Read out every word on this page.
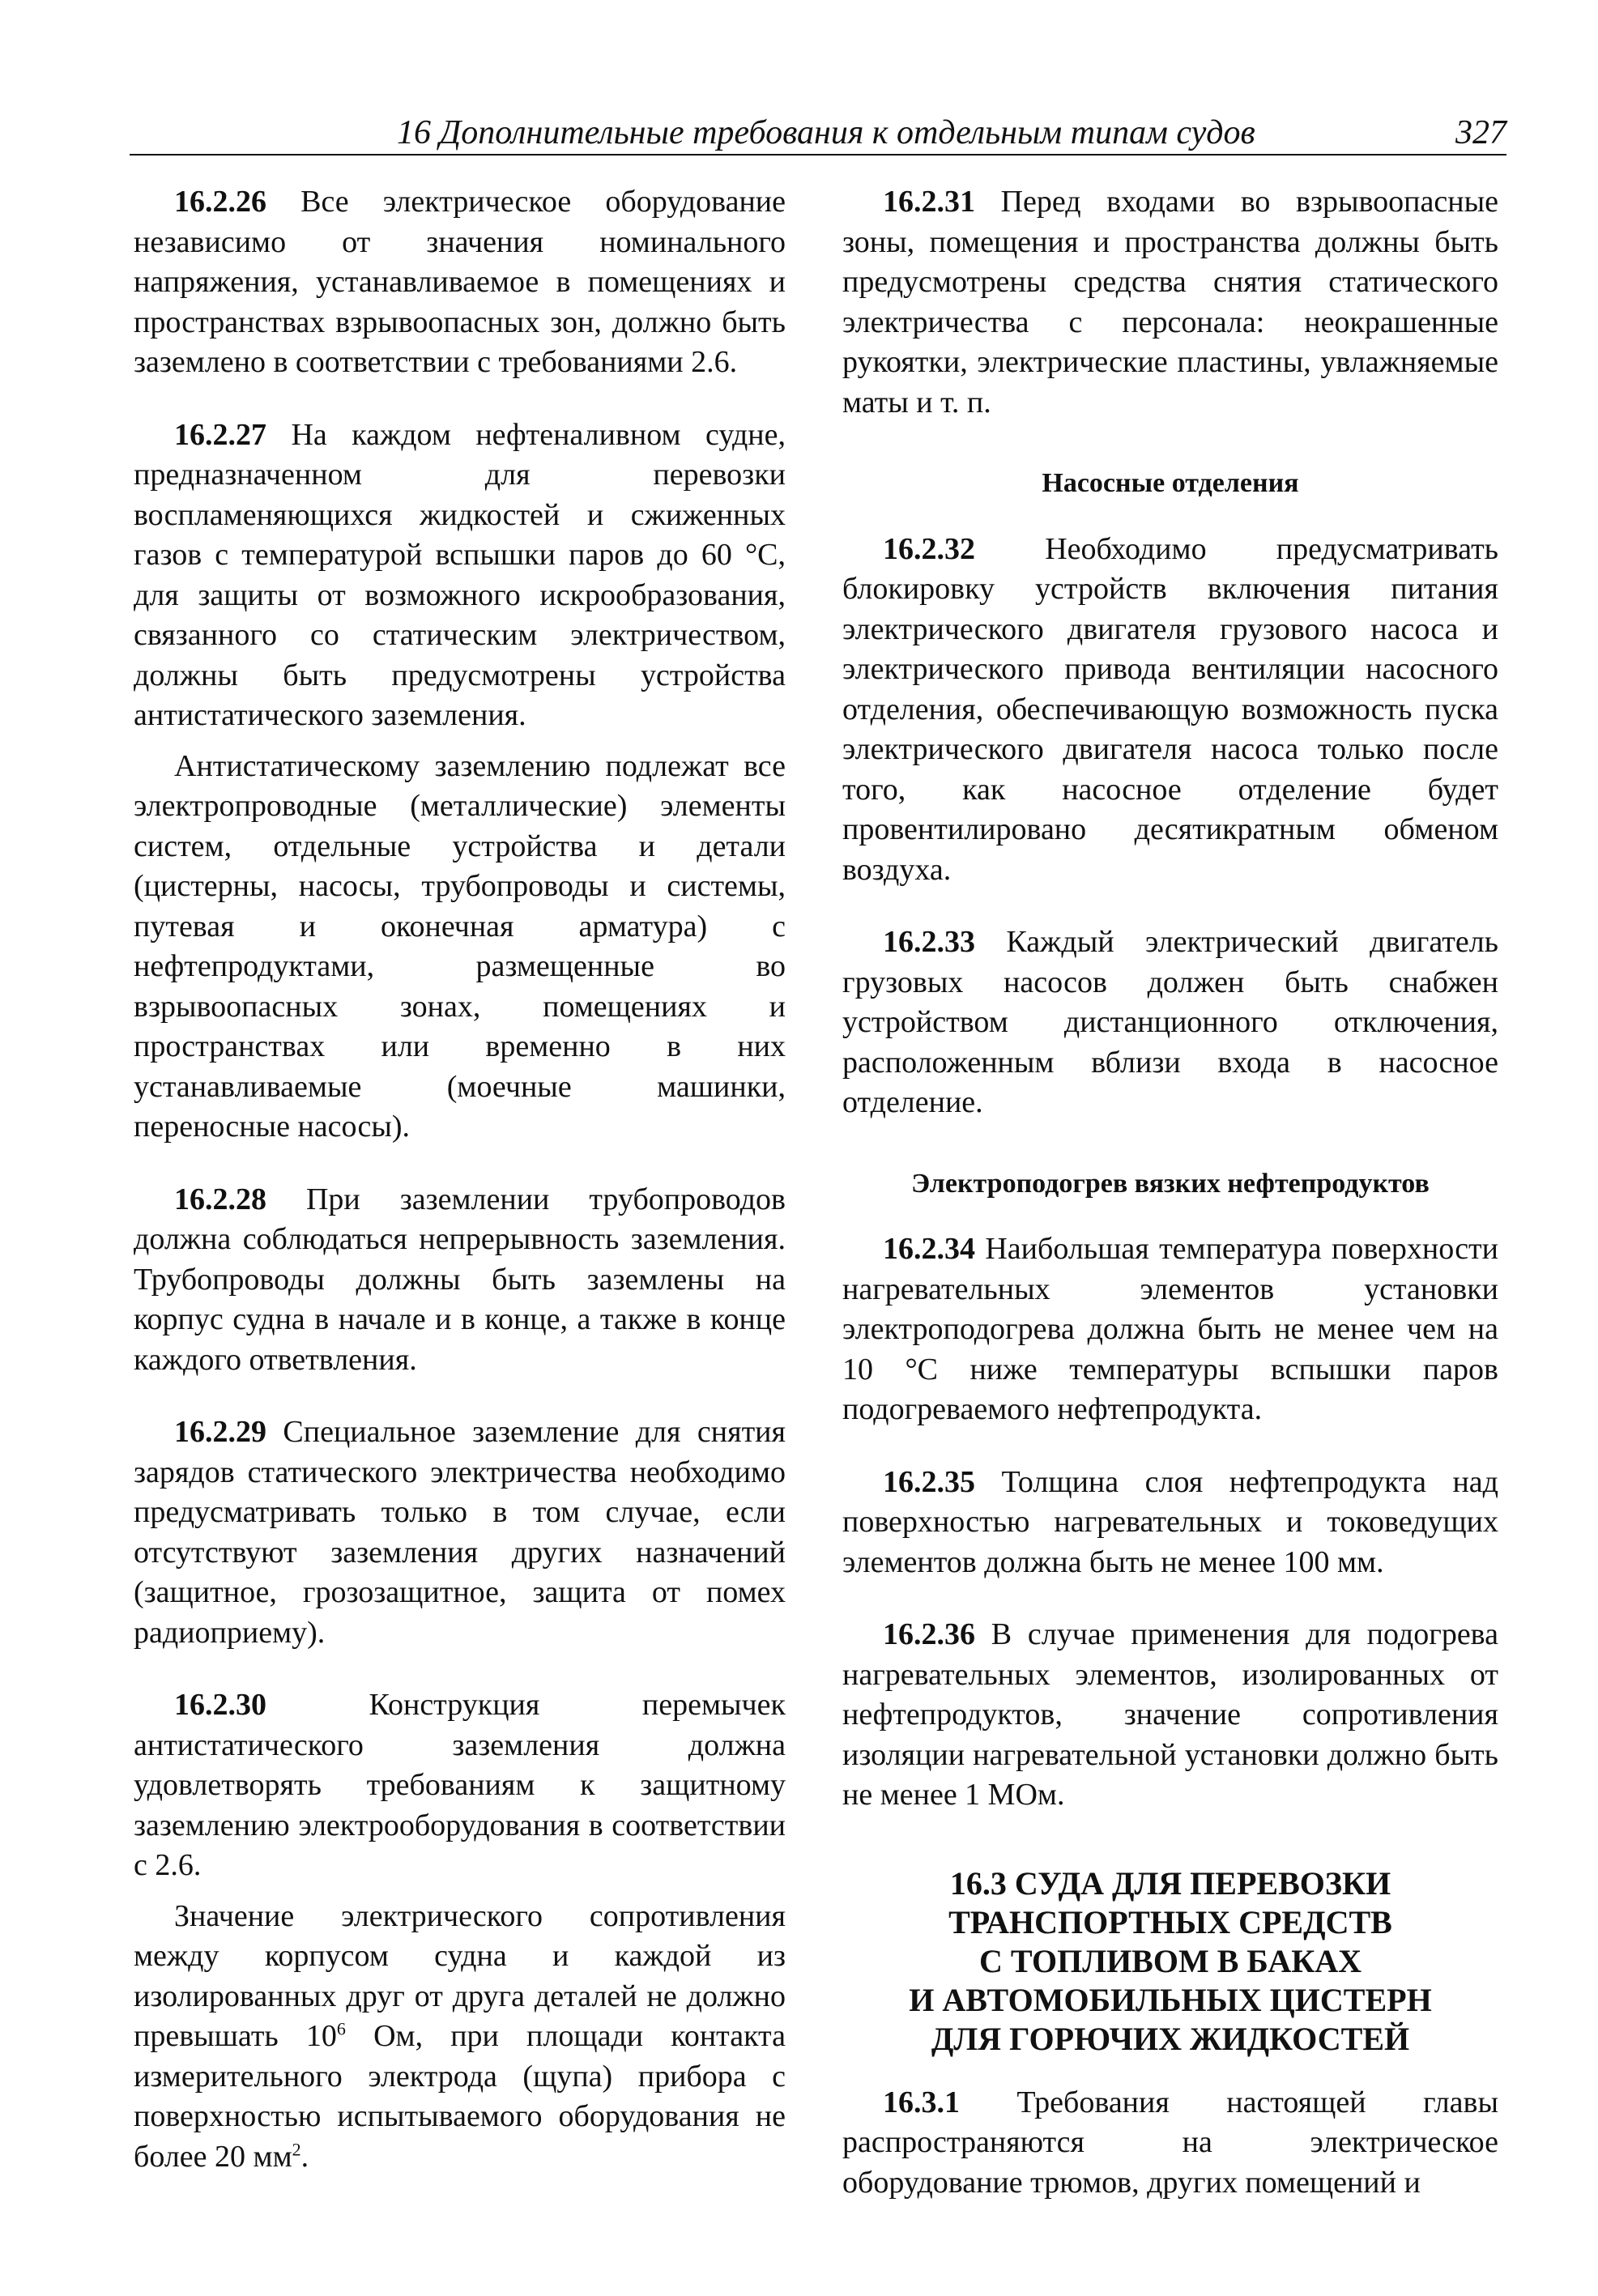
16 Дополнительные требования к отдельным типам судов	327

16.2.26 Все электрическое оборудование независимо от значения номинального напряжения, устанавливаемое в помещениях и пространствах взрывоопасных зон, должно быть заземлено в соответствии с требованиями 2.6.

16.2.27 На каждом нефтеналивном судне, предназначенном для перевозки воспламеняющихся жидкостей и сжиженных газов с температурой вспышки паров до 60 °С, для защиты от возможного искрообразования, связанного со статическим электричеством, должны быть предусмотрены устройства антистатического заземления.

Антистатическому заземлению подлежат все электропроводные (металлические) элементы систем, отдельные устройства и детали (цистерны, насосы, трубопроводы и системы, путевая и оконечная арматура) с нефтепродуктами, размещенные во взрывоопасных зонах, помещениях и пространствах или временно в них устанавливаемые (моечные машинки, переносные насосы).

16.2.28 При заземлении трубопроводов должна соблюдаться непрерывность заземления. Трубопроводы должны быть заземлены на корпус судна в начале и в конце, а также в конце каждого ответвления.

16.2.29 Специальное заземление для снятия зарядов статического электричества необходимо предусматривать только в том случае, если отсутствуют заземления других назначений (защитное, грозозащитное, защита от помех радиоприему).

16.2.30 Конструкция перемычек антистатического заземления должна удовлетворять требованиям к защитному заземлению электрооборудования в соответствии с 2.6.

Значение электрического сопротивления между корпусом судна и каждой из изолированных друг от друга деталей не должно превышать $10^6$ Ом, при площади контакта измерительного электрода (щупа) прибора с поверхностью испытываемого оборудования не более 20 $мм^2$.

16.2.31 Перед входами во взрывоопасные зоны, помещения и пространства должны быть предусмотрены средства снятия статического электричества с персонала: неокрашенные рукоятки, электрические пластины, увлажняемые маты и т. п.

Насосные отделения

16.2.32 Необходимо предусматривать блокировку устройств включения питания электрического двигателя грузового насоса и электрического привода вентиляции насосного отделения, обеспечивающую возможность пуска электрического двигателя насоса только после того, как насосное отделение будет провентилировано десятикратным обменом воздуха.

16.2.33 Каждый электрический двигатель грузовых насосов должен быть снабжен устройством дистанционного отключения, расположенным вблизи входа в насосное отделение.

Электроподогрев вязких нефтепродуктов

16.2.34 Наибольшая температура поверхности нагревательных элементов установки электроподогрева должна быть не менее чем на 10 °С ниже температуры вспышки паров подогреваемого нефтепродукта.

16.2.35 Толщина слоя нефтепродукта над поверхностью нагревательных и токоведущих элементов должна быть не менее 100 мм.

16.2.36 В случае применения для подогрева нагревательных элементов, изолированных от нефтепродуктов, значение сопротивления изоляции нагревательной установки должно быть не менее 1 МОм.

16.3 СУДА ДЛЯ ПЕРЕВОЗКИ
ТРАНСПОРТНЫХ СРЕДСТВ
С ТОПЛИВОМ В БАКАХ
И АВТОМОБИЛЬНЫХ ЦИСТЕРН
ДЛЯ ГОРЮЧИХ ЖИДКОСТЕЙ

16.3.1 Требования настоящей главы распространяются на электрическое оборудование трюмов, других помещений и
